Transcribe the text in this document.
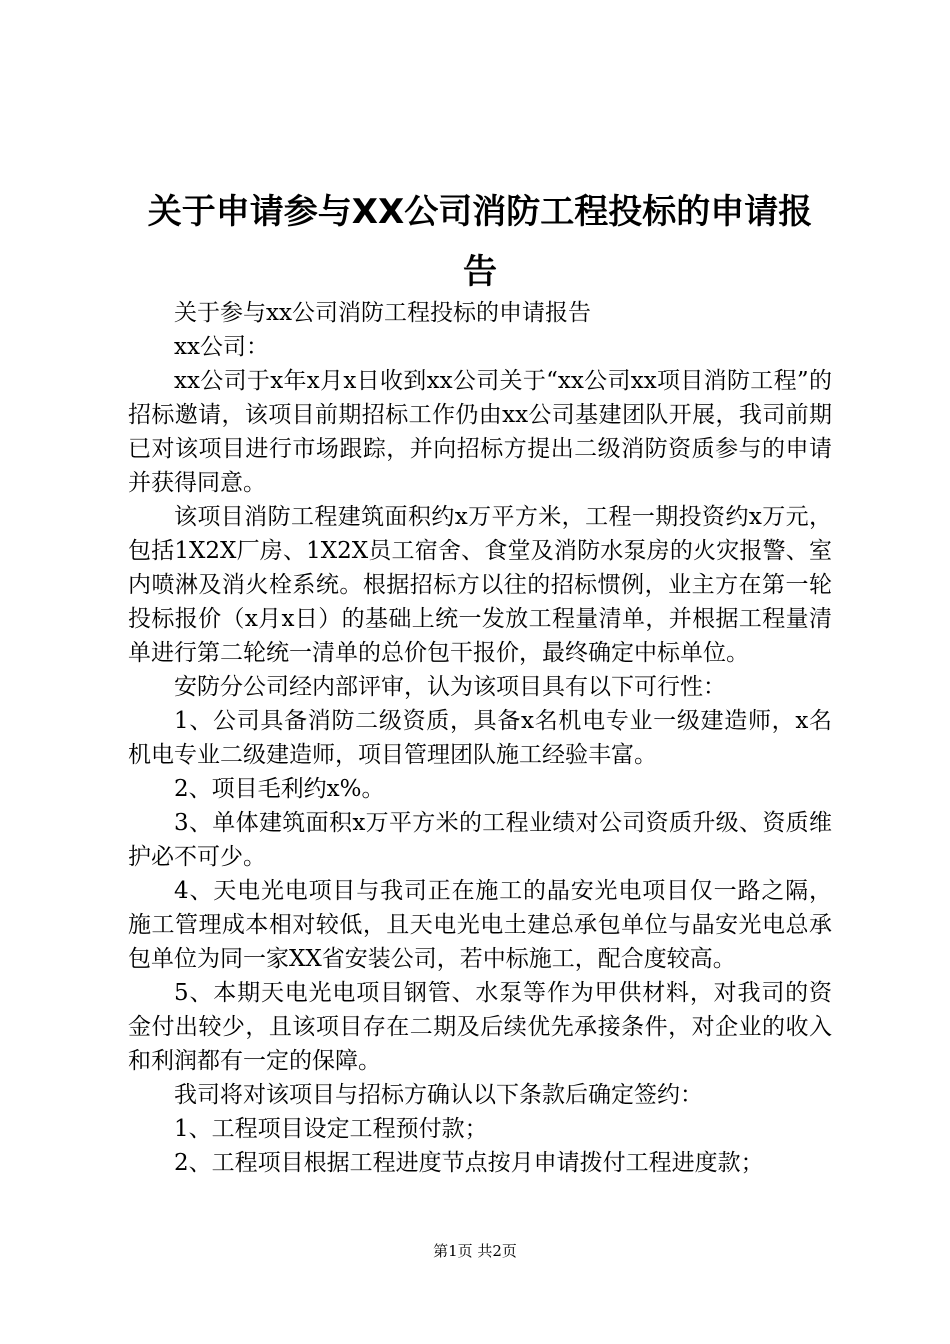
关于申请参与XX公司消防工程投标的申请报
告

关于参与xx公司消防工程投标的申请报告

xx公司：

xx公司于x年x月x日收到xx公司关于“xx公司xx项目消防工程”的招标邀请，该项目前期招标工作仍由xx公司基建团队开展，我司前期已对该项目进行市场跟踪，并向招标方提出二级消防资质参与的申请并获得同意。

该项目消防工程建筑面积约x万平方米，工程一期投资约x万元，包括1X2X厂房、1X2X员工宿舍、食堂及消防水泵房的火灾报警、室内喷淋及消火栓系统。根据招标方以往的招标惯例，业主方在第一轮投标报价（x月x日）的基础上统一发放工程量清单，并根据工程量清单进行第二轮统一清单的总价包干报价，最终确定中标单位。

安防分公司经内部评审，认为该项目具有以下可行性：

1、公司具备消防二级资质，具备x名机电专业一级建造师，x名机电专业二级建造师，项目管理团队施工经验丰富。

2、项目毛利约x%。

3、单体建筑面积x万平方米的工程业绩对公司资质升级、资质维护必不可少。

4、天电光电项目与我司正在施工的晶安光电项目仅一路之隔，施工管理成本相对较低，且天电光电土建总承包单位与晶安光电总承包单位为同一家XX省安装公司，若中标施工，配合度较高。

5、本期天电光电项目钢管、水泵等作为甲供材料，对我司的资金付出较少，且该项目存在二期及后续优先承接条件，对企业的收入和利润都有一定的保障。

我司将对该项目与招标方确认以下条款后确定签约：

1、工程项目设定工程预付款；

2、工程项目根据工程进度节点按月申请拨付工程进度款；

第1页 共2页
